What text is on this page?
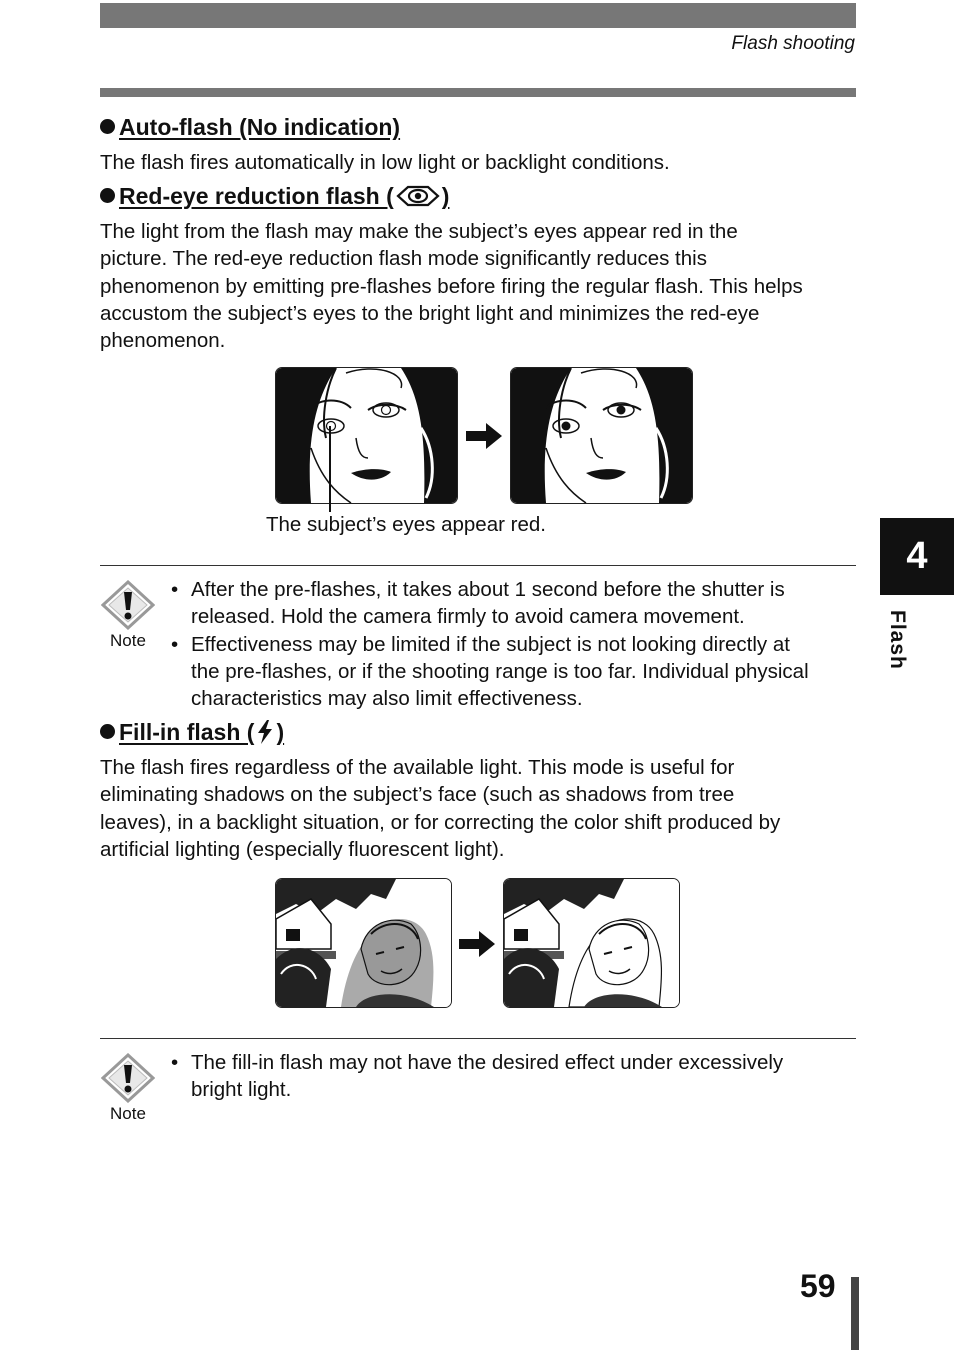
Flash shooting
Auto-flash (No indication)
The flash fires automatically in low light or backlight conditions.
Red-eye reduction flash ( )
The light from the flash may make the subject’s eyes appear red in the
picture. The red-eye reduction flash mode significantly reduces this
phenomenon by emitting pre-flashes before firing the regular flash. This helps
accustom the subject’s eyes to the bright light and minimizes the red-eye
phenomenon.
The subject’s eyes appear red.
Note
• After the pre-flashes, it takes about 1 second before the shutter is
released. Hold the camera firmly to avoid camera movement.
• Effectiveness may be limited if the subject is not looking directly at
the pre-flashes, or if the shooting range is too far. Individual physical
characteristics may also limit effectiveness.
Fill-in flash ( )
The flash fires regardless of the available light. This mode is useful for
eliminating shadows on the subject’s face (such as shadows from tree
leaves), in a backlight situation, or for correcting the color shift produced by
artificial lighting (especially fluorescent light).
Note
• The fill-in flash may not have the desired effect under excessively
bright light.
4
Flash
59
